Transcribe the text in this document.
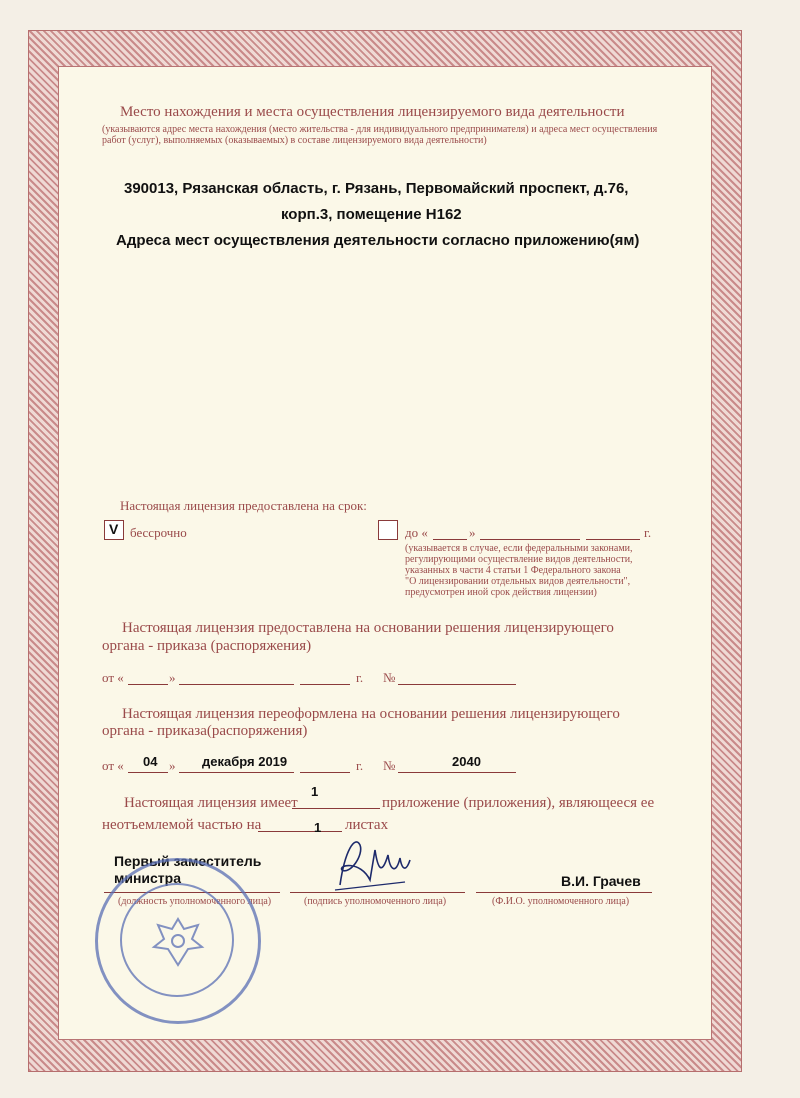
Место нахождения и места осуществления лицензируемого вида деятельности
(указываются адрес места нахождения (место жительства - для индивидуального предпринимателя) и адреса мест осуществления
работ (услуг), выполняемых (оказываемых) в составе лицензируемого вида деятельности)
390013, Рязанская область, г. Рязань, Первомайский проспект, д.76,
корп.3, помещение Н162
Адреса мест осуществления деятельности согласно приложению(ям)
Настоящая лицензия предоставлена на срок:
V бессрочно	до «	»	г.
(указывается в случае, если федеральными законами,
регулирующими осуществление видов деятельности,
указанных в части 4 статьи 1 Федерального закона
"О лицензировании отдельных видов деятельности",
предусмотрен иной срок действия лицензии)
Настоящая лицензия предоставлена на основании решения лицензирующего
органа - приказа (распоряжения)
от «	»	г. №
Настоящая лицензия переоформлена на основании решения лицензирующего
органа - приказа(распоряжения)
от « 04 » декабря 2019	г. №	2040
Настоящая лицензия имеет
1
приложение (приложения), являющееся ее
неотъемлемой частью на	1 листах
Первый заместитель
министра	В.И. Грачев
(должность уполномоченного лица)	(подпись уполномоченного лица)	(Ф.И.О. уполномоченного лица)
